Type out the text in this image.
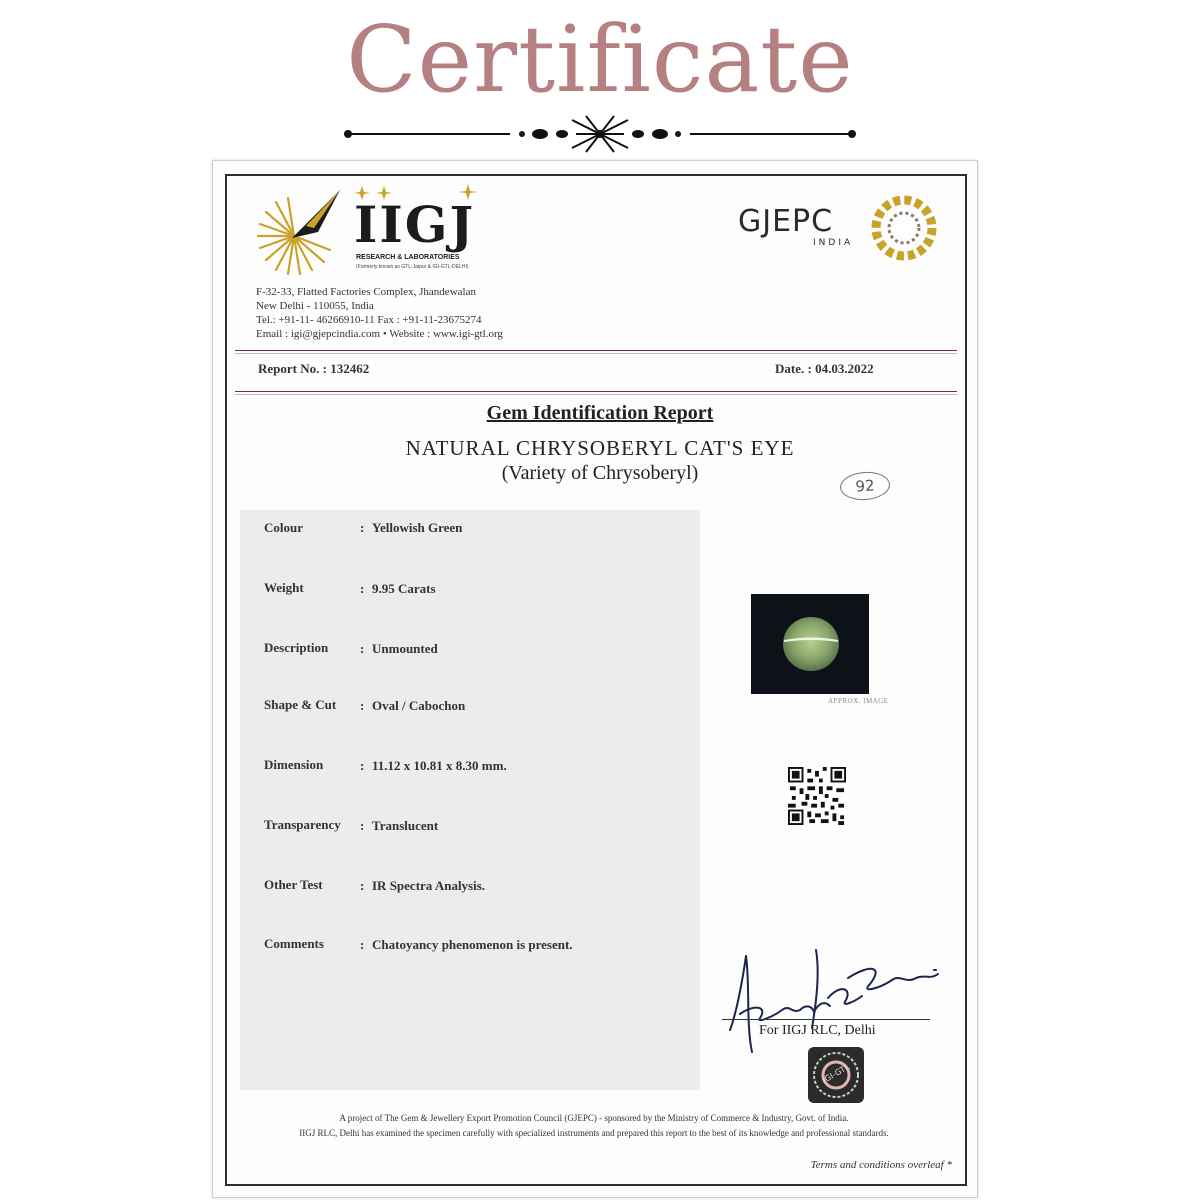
Certificate
IIGJ
RESEARCH & LABORATORIES
(Formerly known as GTL-Jaipur & IGI-GTL-DELHI)
F-32-33, Flatted Factories Complex, Jhandewalan
New Delhi - 110055, India
Tel.: +91-11- 46266910-11 Fax : +91-11-23675274
Email : igi@gjepcindia.com • Website : www.igi-gtl.org
GJEPC
INDIA
Report No. : 132462	Date. : 04.03.2022
Gem Identification Report
NATURAL CHRYSOBERYL CAT'S EYE
(Variety of Chrysoberyl)
92
Colour	: Yellowish Green
Weight	: 9.95 Carats
Description : Unmounted
Shape & Cut : Oval / Cabochon
Dimension	: 11.12 x 10.81 x 8.30 mm.
Transparency : Translucent
Other Test	: IR Spectra Analysis.
Comments	: Chatoyancy phenomenon is present.
APPROX. IMAGE
For IIGJ RLC, Delhi
IGI-GTL
A project of The Gem & Jewellery Export Promotion Council (GJEPC) - sponsored by the Ministry of Commerce & Industry, Govt. of India.
IIGJ RLC, Delhi has examined the specimen carefully with specialized instruments and prepared this report to the best of its knowledge and professional standards.
Terms and conditions overleaf *
